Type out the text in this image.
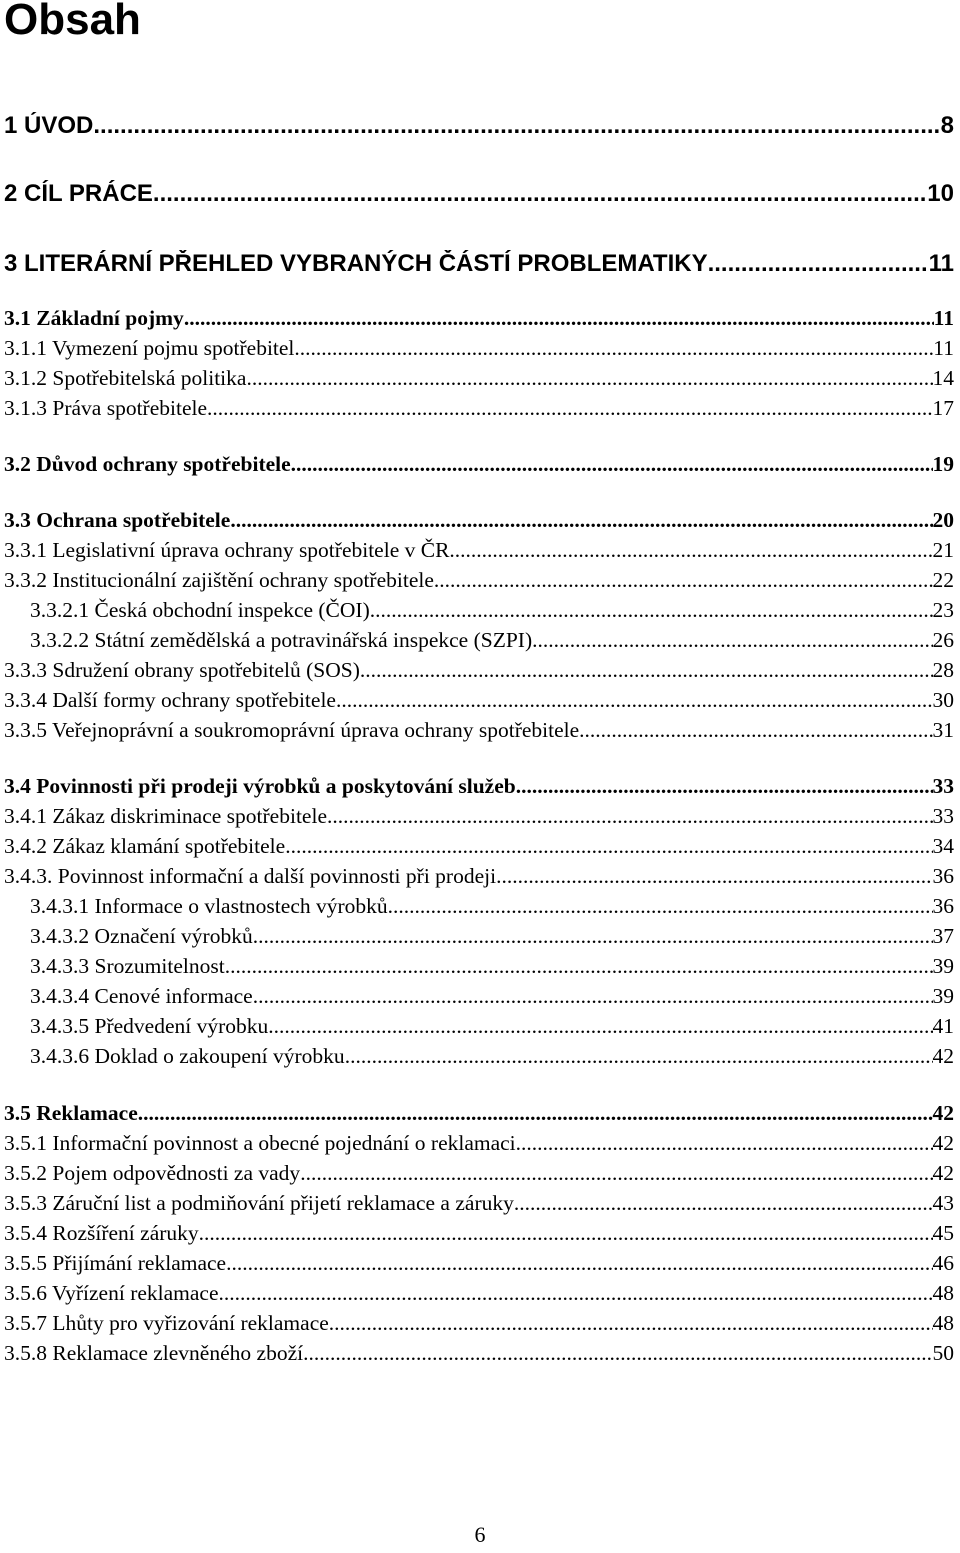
Obsah
1 ÚVOD .....	8
2 CÍL PRÁCE .....	10
3 LITERÁRNÍ PŘEHLED VYBRANÝCH ČÁSTÍ PROBLEMATIKY .....	11
3.1 Základní pojmy .....	11
3.1.1 Vymezení pojmu spotřebitel .....	11
3.1.2 Spotřebitelská politika .....	14
3.1.3 Práva spotřebitele .....	17
3.2 Důvod ochrany spotřebitele .....	19
3.3 Ochrana spotřebitele .....	20
3.3.1 Legislativní úprava ochrany spotřebitele v ČR .....	21
3.3.2 Institucionální zajištění ochrany spotřebitele .....	22
3.3.2.1 Česká obchodní inspekce (ČOI) .....	23
3.3.2.2 Státní zemědělská a potravinářská inspekce (SZPI) .....	26
3.3.3 Sdružení obrany spotřebitelů (SOS) .....	28
3.3.4 Další formy ochrany spotřebitele .....	30
3.3.5 Veřejnoprávní a soukromoprávní úprava ochrany spotřebitele .....	31
3.4 Povinnosti při prodeji výrobků a poskytování služeb .....	33
3.4.1 Zákaz diskriminace spotřebitele .....	33
3.4.2 Zákaz klamání spotřebitele .....	34
3.4.3. Povinnost informační a další povinnosti při prodeji .....	36
3.4.3.1 Informace o vlastnostech výrobků .....	36
3.4.3.2 Označení výrobků .....	37
3.4.3.3 Srozumitelnost .....	39
3.4.3.4 Cenové informace .....	39
3.4.3.5 Předvedení výrobku .....	41
3.4.3.6 Doklad o zakoupení výrobku .....	42
3.5 Reklamace .....	42
3.5.1 Informační povinnost a obecné pojednání o reklamaci .....	42
3.5.2 Pojem odpovědnosti za vady .....	42
3.5.3 Záruční list a podmiňování přijetí reklamace a záruky .....	43
3.5.4 Rozšíření záruky .....	45
3.5.5 Přijímání reklamace .....	46
3.5.6 Vyřízení reklamace .....	48
3.5.7 Lhůty pro vyřizování reklamace .....	48
3.5.8 Reklamace zlevněného zboží .....	50
6
